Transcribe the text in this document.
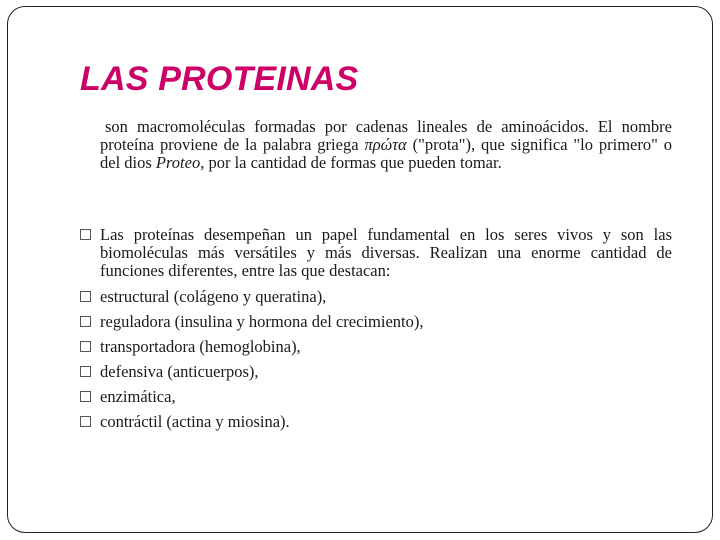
LAS PROTEINAS

son macromoléculas formadas por cadenas lineales de aminoácidos. El nombre proteína proviene de la palabra griega πρώτα ("prota"), que significa "lo primero" o del dios Proteo, por la cantidad de formas que pueden tomar.

Las proteínas desempeñan un papel fundamental en los seres vivos y son las biomoléculas más versátiles y más diversas. Realizan una enorme cantidad de funciones diferentes, entre las que destacan:
estructural (colágeno y queratina),
reguladora (insulina y hormona del crecimiento),
transportadora (hemoglobina),
defensiva (anticuerpos),
enzimática,
contráctil (actina y miosina).
